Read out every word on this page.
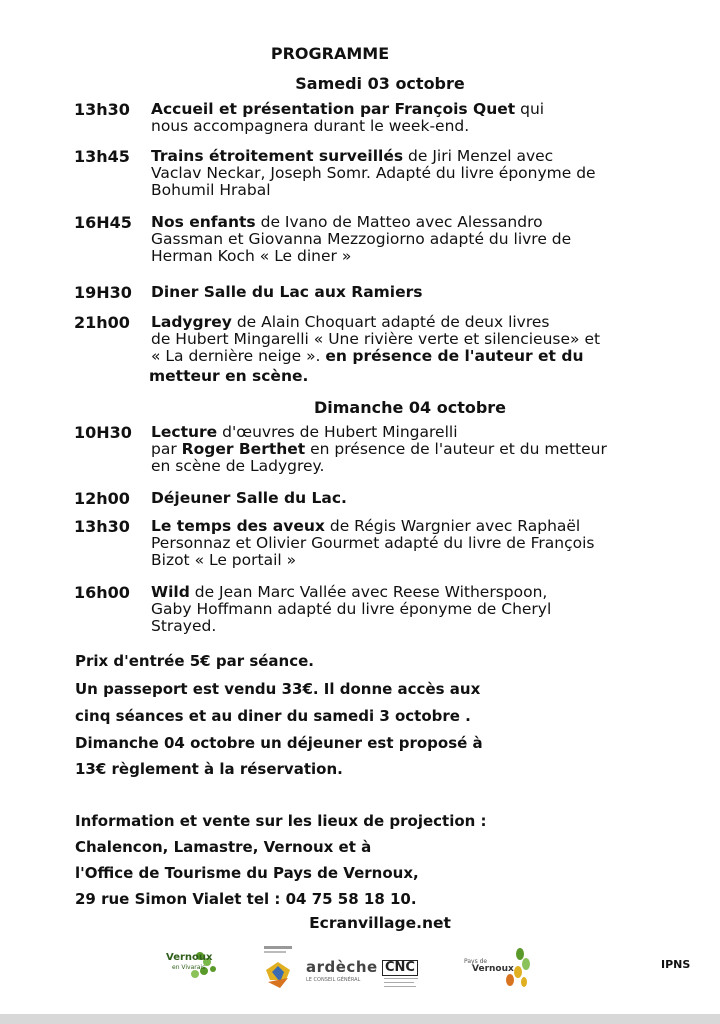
PROGRAMME
Samedi 03 octobre
13h30 Accueil et présentation par François Quet qui
nous accompagnera durant le week-end.
13h45 Trains étroitement surveillés de Jiri Menzel avec
Vaclav Neckar, Joseph Somr. Adapté du livre éponyme de
Bohumil Hrabal
16H45 Nos enfants de Ivano de Matteo avec Alessandro
Gassman et Giovanna Mezzogiorno adapté du livre de
Herman Koch « Le diner »
19H30 Diner Salle du Lac aux Ramiers
21h00 Ladygrey de Alain Choquart adapté de deux livres
de Hubert Mingarelli « Une rivière verte et silencieuse» et
« La dernière neige ». en présence de l'auteur et du
metteur en scène.
Dimanche 04 octobre
10H30 Lecture d'œuvres de Hubert Mingarelli
par Roger Berthet en présence de l'auteur et du metteur
en scène de Ladygrey.
12h00 Déjeuner Salle du Lac.
13h30 Le temps des aveux de Régis Wargnier avec Raphaël
Personnaz et Olivier Gourmet adapté du livre de François
Bizot « Le portail »
16h00 Wild de Jean Marc Vallée avec Reese Witherspoon,
Gaby Hoffmann adapté du livre éponyme de Cheryl
Strayed.
Prix d'entrée 5€ par séance.
Un passeport est vendu 33€. Il donne accès aux
cinq séances et au diner du samedi 3 octobre .
Dimanche 04 octobre un déjeuner est proposé à
13€ règlement à la réservation.
Information et vente sur les lieux de projection :
Chalencon, Lamastre, Vernoux et à
l'Office de Tourisme du Pays de Vernoux,
29 rue Simon Vialet tel : 04 75 58 18 10.
Ecranvillage.net
Vernoux
en Vivarais	ardèche
LE CONSEIL GÉNÉRAL
CNC	Pays de
Vernoux	IPNS
